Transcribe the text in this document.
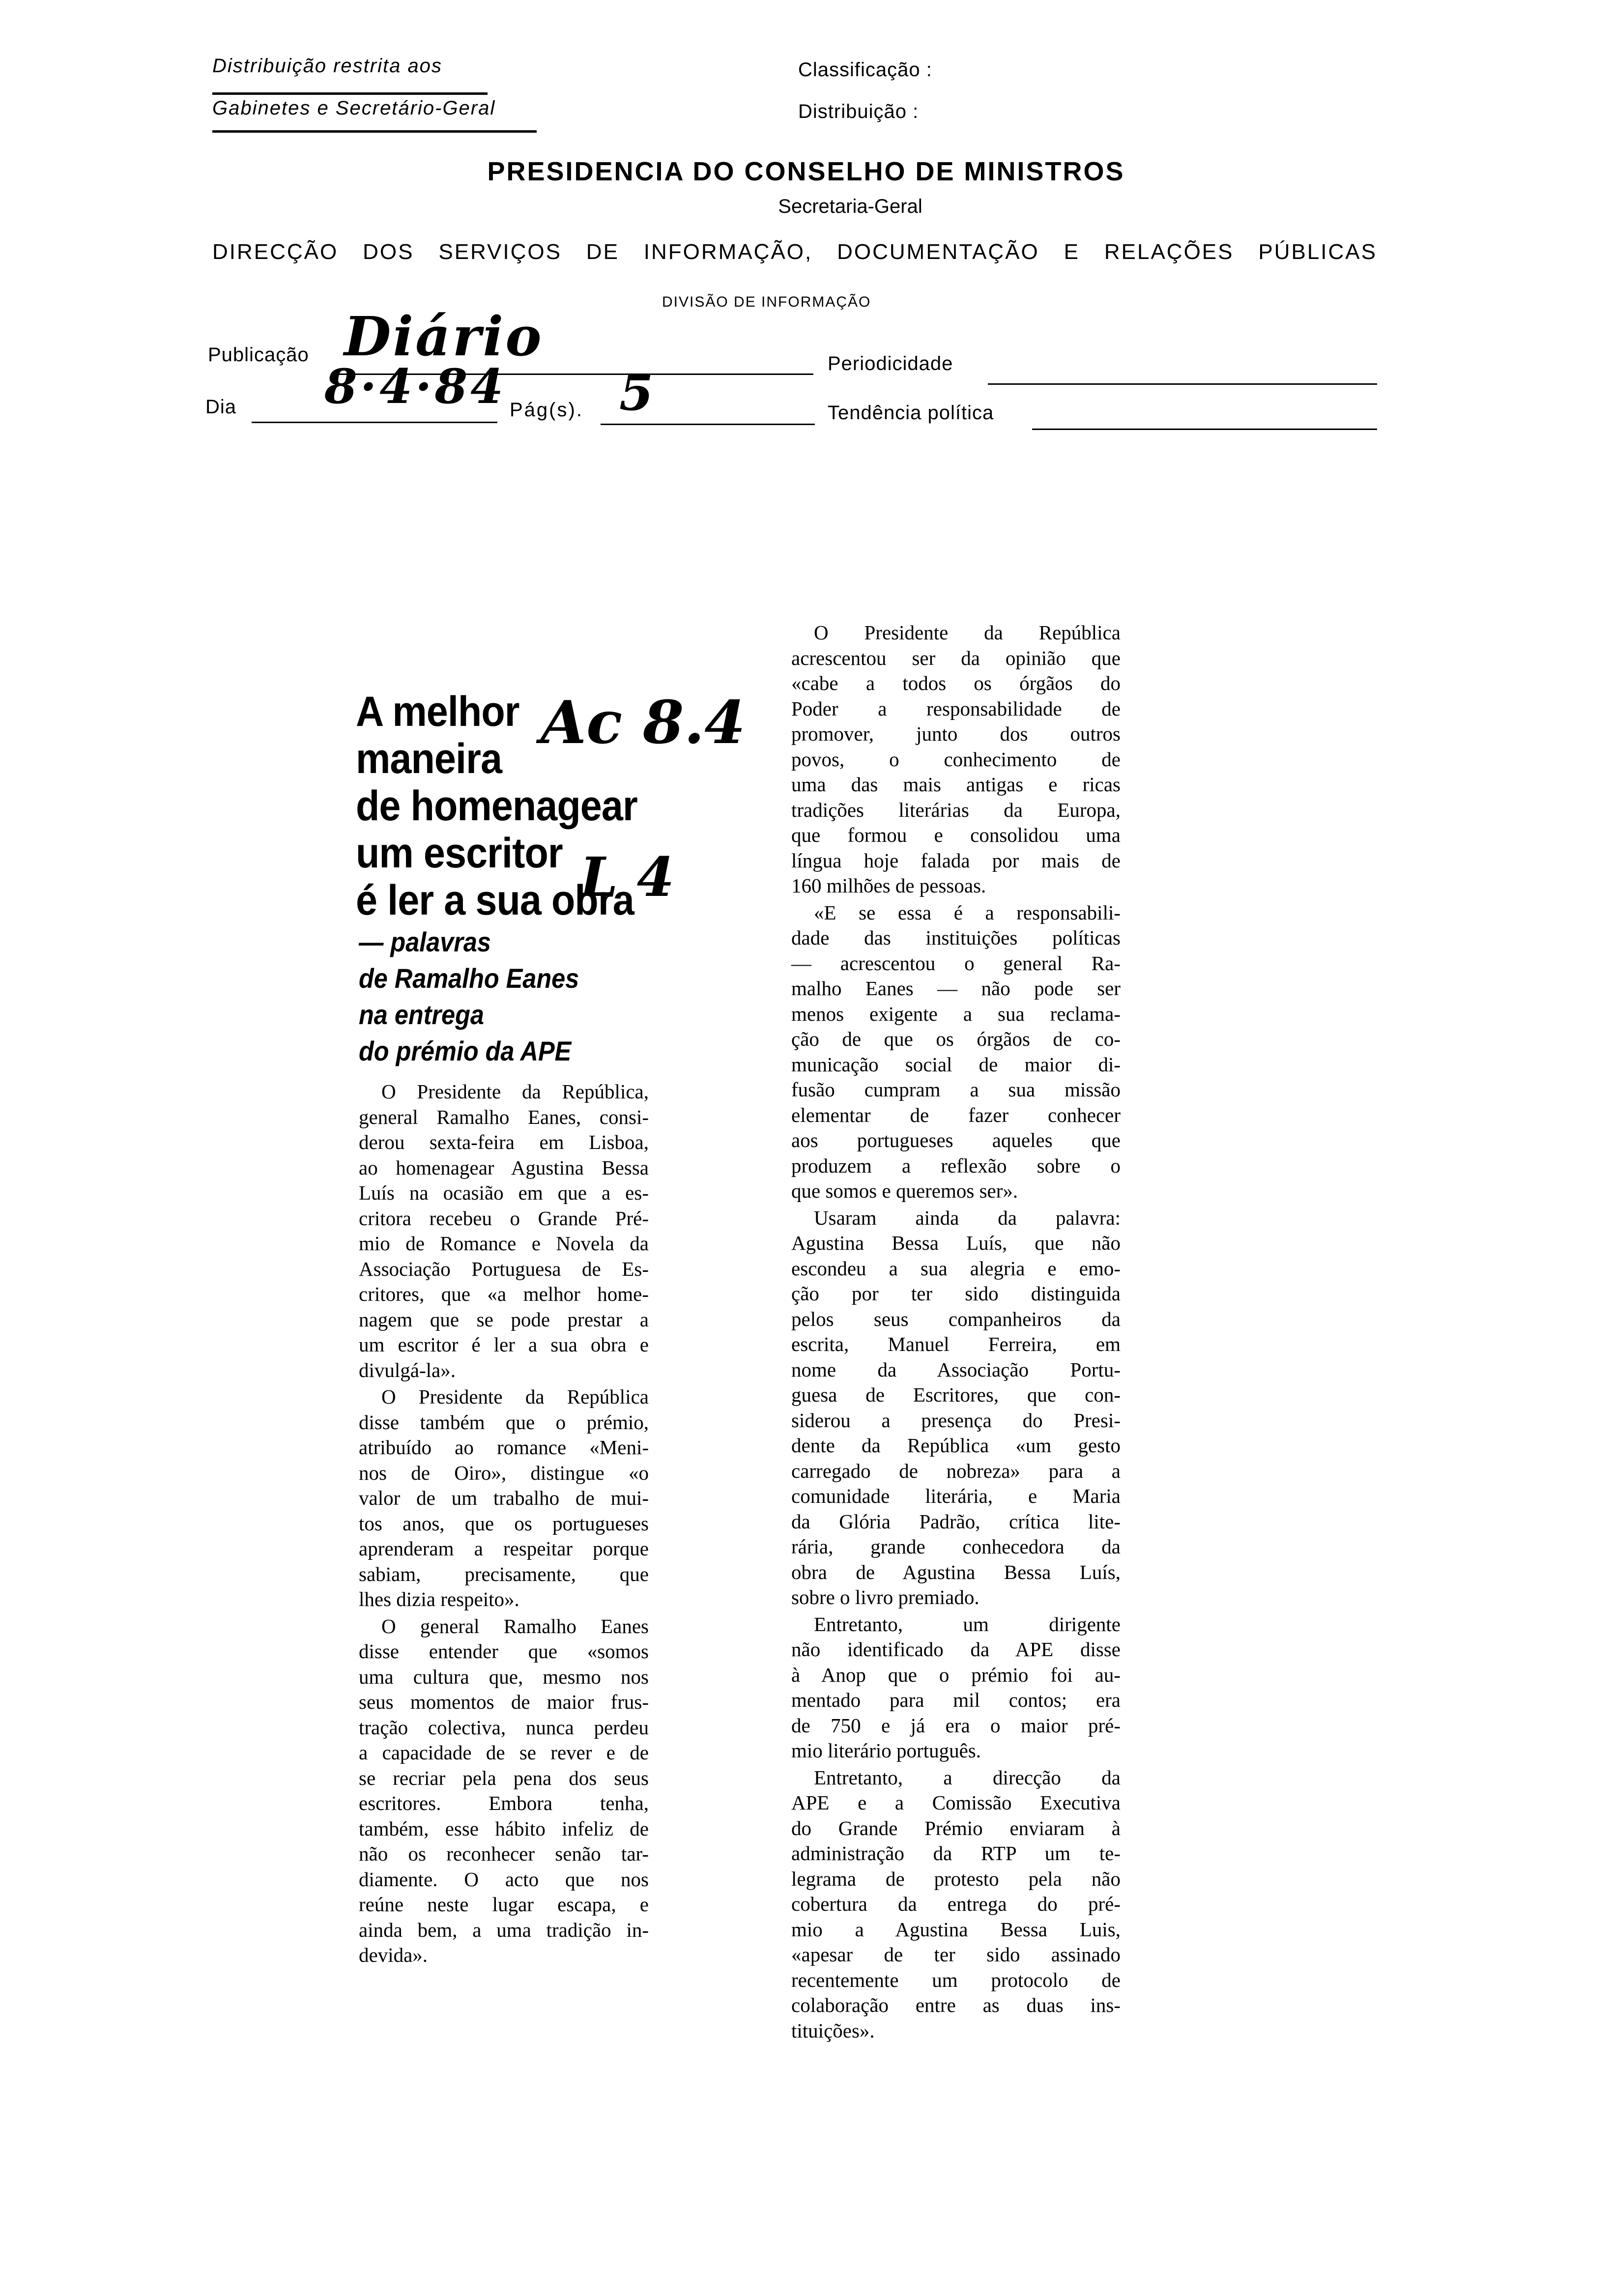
Distribuição restrita aos
Gabinetes e Secretário-Geral
Classificação :
Distribuição :
PRESIDENCIA DO CONSELHO DE MINISTROS
Secretaria-Geral
DIRECÇÃO DOS SERVIÇOS DE INFORMAÇÃO, DOCUMENTAÇÃO E RELAÇÕES PÚBLICAS
DIVISÃO DE INFORMAÇÃO
Publicação Diário	Periodicidade
Dia 8·4·84 Pág(s). 5	Tendência política
A melhor
maneira
de homenagear
um escritor
é ler a sua obra
Ac 8.4
L 4
— palavras
de Ramalho Eanes
na entrega
do prémio da APE
O Presidente da República,
general Ramalho Eanes, consi-
derou sexta-feira em Lisboa,
ao homenagear Agustina Bessa
Luís na ocasião em que a es-
critora recebeu o Grande Pré-
mio de Romance e Novela da
Associação Portuguesa de Es-
critores, que «a melhor home-
nagem que se pode prestar a
um escritor é ler a sua obra e
divulgá-la».
O Presidente da República
disse também que o prémio,
atribuído ao romance «Meni-
nos de Oiro», distingue «o
valor de um trabalho de mui-
tos anos, que os portugueses
aprenderam a respeitar porque
sabiam, precisamente, que
lhes dizia respeito».
O general Ramalho Eanes
disse entender que «somos
uma cultura que, mesmo nos
seus momentos de maior frus-
tração colectiva, nunca perdeu
a capacidade de se rever e de
se recriar pela pena dos seus
escritores. Embora tenha,
também, esse hábito infeliz de
não os reconhecer senão tar-
diamente. O acto que nos
reúne neste lugar escapa, e
ainda bem, a uma tradição in-
devida».
O Presidente da República
acrescentou ser da opinião que
«cabe a todos os órgãos do
Poder a responsabilidade de
promover, junto dos outros
povos, o conhecimento de
uma das mais antigas e ricas
tradições literárias da Europa,
que formou e consolidou uma
língua hoje falada por mais de
160 milhões de pessoas.
«E se essa é a responsabili-
dade das instituições políticas
— acrescentou o general Ra-
malho Eanes — não pode ser
menos exigente a sua reclama-
ção de que os órgãos de co-
municação social de maior di-
fusão cumpram a sua missão
elementar de fazer conhecer
aos portugueses aqueles que
produzem a reflexão sobre o
que somos e queremos ser».
Usaram ainda da palavra:
Agustina Bessa Luís, que não
escondeu a sua alegria e emo-
ção por ter sido distinguida
pelos seus companheiros da
escrita, Manuel Ferreira, em
nome da Associação Portu-
guesa de Escritores, que con-
siderou a presença do Presi-
dente da República «um gesto
carregado de nobreza» para a
comunidade literária, e Maria
da Glória Padrão, crítica lite-
rária, grande conhecedora da
obra de Agustina Bessa Luís,
sobre o livro premiado.
Entretanto, um dirigente
não identificado da APE disse
à Anop que o prémio foi au-
mentado para mil contos; era
de 750 e já era o maior pré-
mio literário português.
Entretanto, a direcção da
APE e a Comissão Executiva
do Grande Prémio enviaram à
administração da RTP um te-
legrama de protesto pela não
cobertura da entrega do pré-
mio a Agustina Bessa Luis,
«apesar de ter sido assinado
recentemente um protocolo de
colaboração entre as duas ins-
tituições».
